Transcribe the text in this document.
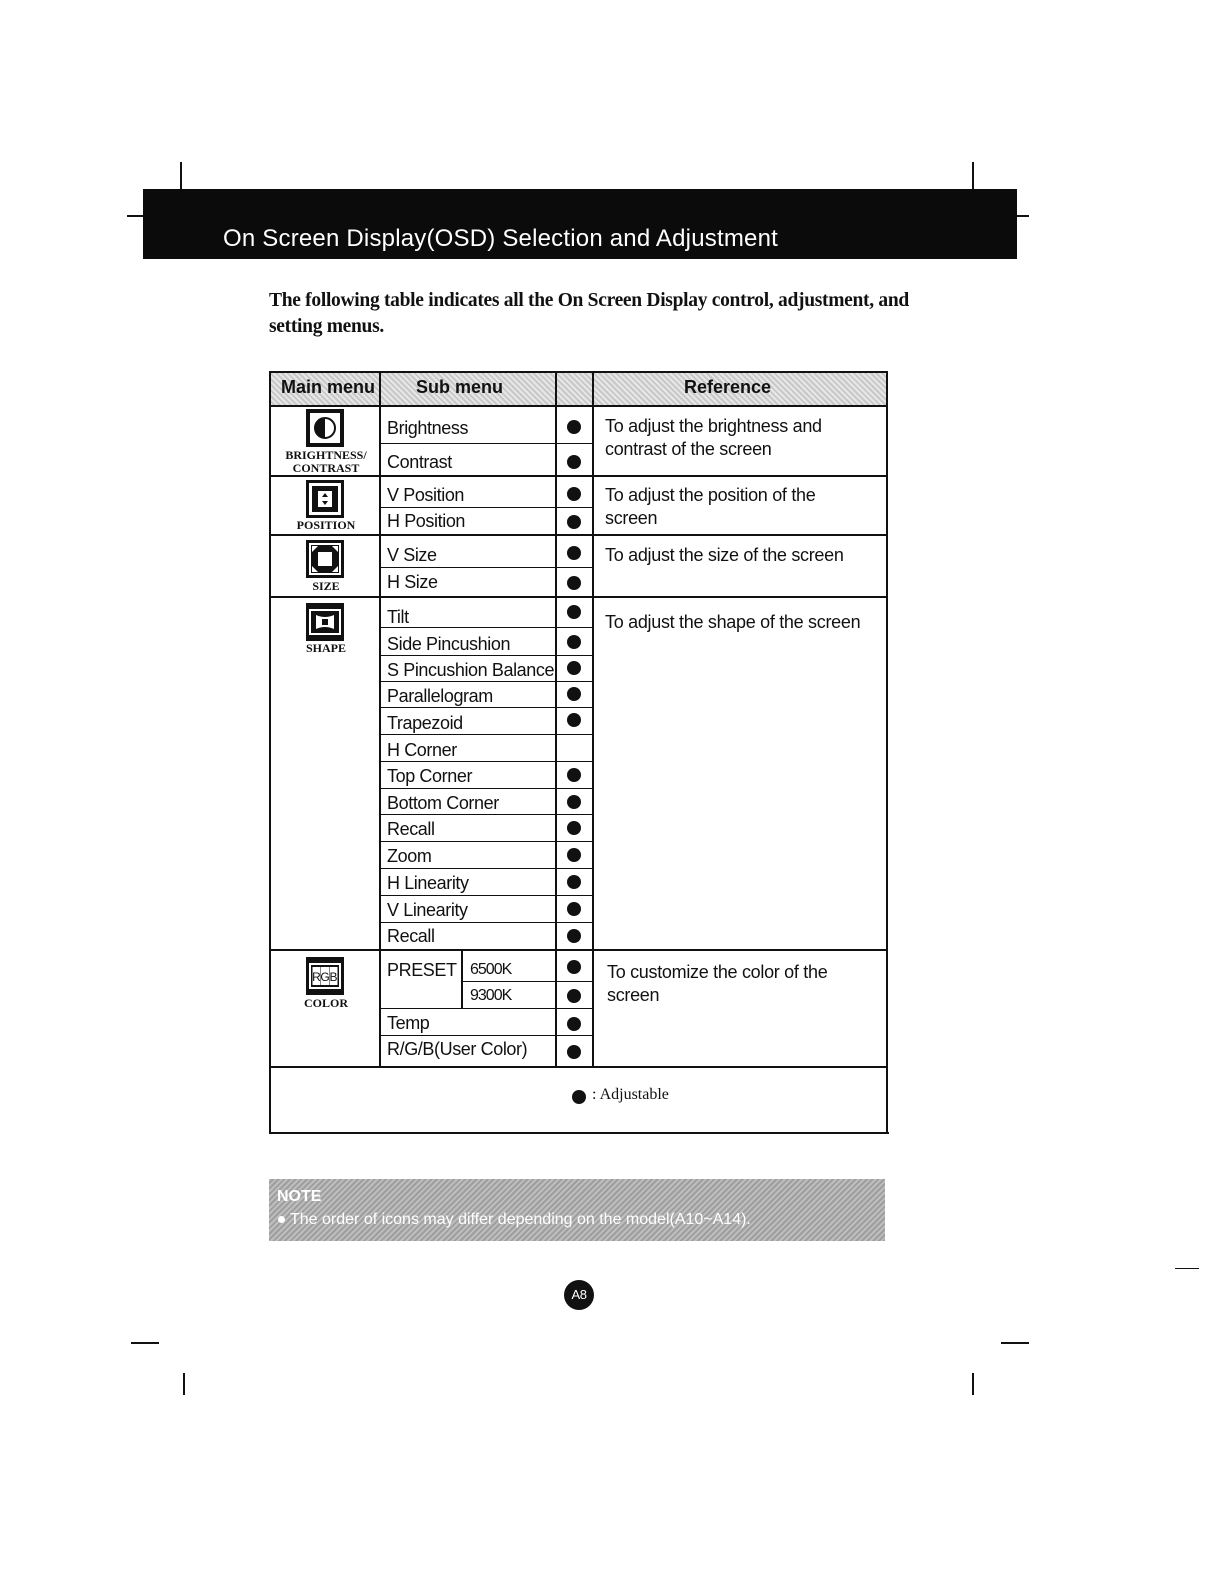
On Screen Display(OSD) Selection and Adjustment
The following table indicates all the On Screen Display control, adjustment, and setting menus.
Main menu Sub menu	Reference
BRIGHTNESS/ CONTRAST
Brightness
Contrast
To adjust the brightness and contrast of the screen
POSITION
V Position
H Position
To adjust the position of the screen
SIZE
V Size
H Size
To adjust the size of the screen
SHAPE
Tilt
Side Pincushion
S Pincushion Balance
Parallelogram
Trapezoid
H Corner
Top Corner
Bottom Corner
Recall
Zoom
H Linearity
V Linearity
Recall
To adjust the shape of the screen
R G B
COLOR
PRESET 6500K
9300K
Temp
R/G/B(User Color)
To customize the color of the screen
: Adjustable
NOTE
The order of icons may differ depending on the model(A10~A14).
A8
